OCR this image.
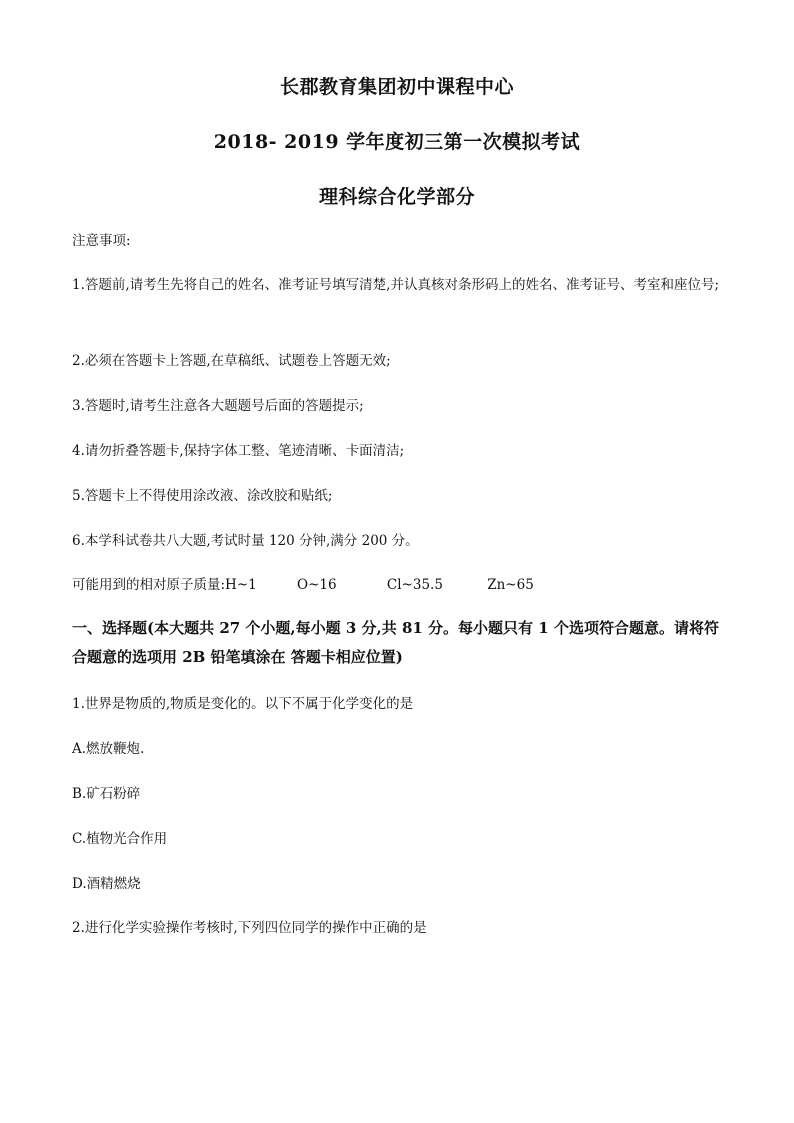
长郡教育集团初中课程中心
2018- 2019 学年度初三第一次模拟考试
理科综合化学部分
注意事项:
1.答题前,请考生先将自己的姓名、准考证号填写清楚,并认真核对条形码上的姓名、准考证号、考室和座位号;
2.必须在答题卡上答题,在草稿纸、试题卷上答题无效;
3.答题时,请考生注意各大题题号后面的答题提示;
4.请勿折叠答题卡,保持字体工整、笔迹清晰、卡面清洁;
5.答题卡上不得使用涂改液、涂改胶和贴纸;
6.本学科试卷共八大题,考试时量 120 分钟,满分 200 分。
可能用到的相对原子质量:H~1	O~16	Cl~35.5	Zn~65
一、选择题(本大题共 27 个小题,每小题 3 分,共 81 分。每小题只有 1 个选项符合题意。请将符合题意的选项用 2B 铅笔填涂在 答题卡相应位置)
1.世界是物质的,物质是变化的。以下不属于化学变化的是
A.燃放鞭炮.
B.矿石粉碎
C.植物光合作用
D.酒精燃烧
2.进行化学实验操作考核时,下列四位同学的操作中正确的是
